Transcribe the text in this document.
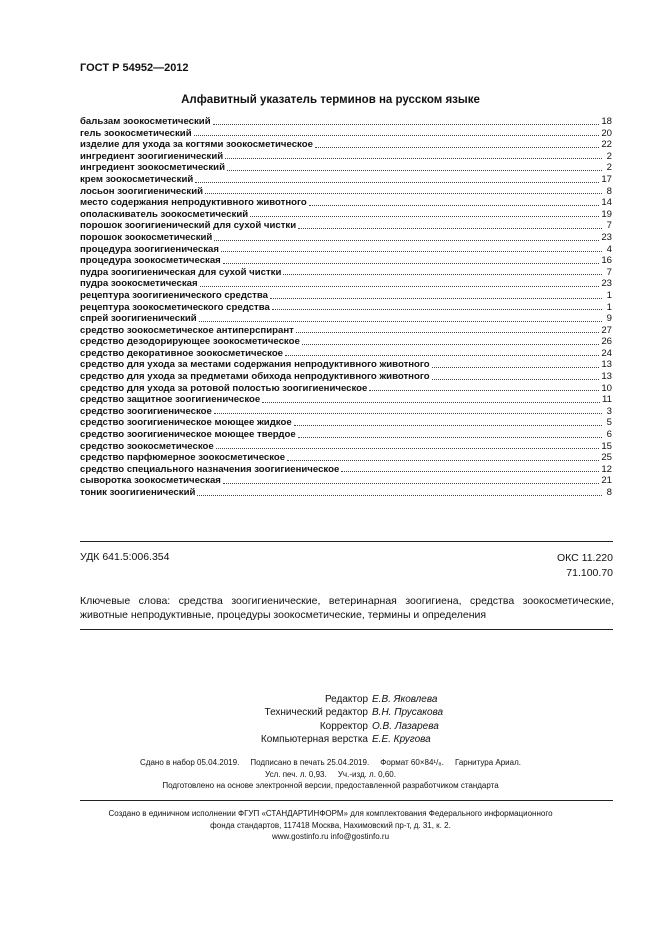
ГОСТ Р 54952—2012
Алфавитный указатель терминов на русском языке
бальзам зоокосметический	18
гель зоокосметический	20
изделие для ухода за когтями зоокосметическое	22
ингредиент зоогигиенический	2
ингредиент зоокосметический	2
крем зоокосметический	17
лосьон зоогигиенический	8
место содержания непродуктивного животного	14
ополаскиватель зоокосметический	19
порошок зоогигиенический для сухой чистки	7
порошок зоокосметический	23
процедура зоогигиеническая	4
процедура зоокосметическая	16
пудра зоогигиеническая для сухой чистки	7
пудра зоокосметическая	23
рецептура зоогигиенического средства	1
рецептура зоокосметического средства	1
спрей зоогигиенический	9
средство зоокосметическое антиперспирант	27
средство дезодорирующее зоокосметическое	26
средство декоративное зоокосметическое	24
средство для ухода за местами содержания непродуктивного животного	13
средство для ухода за предметами обихода непродуктивного животного	13
средство для ухода за ротовой полостью зоогигиеническое	10
средство защитное зоогигиеническое	11
средство зоогигиеническое	3
средство зоогигиеническое моющее жидкое	5
средство зоогигиеническое моющее твердое	6
средство зоокосметическое	15
средство парфюмерное зоокосметическое	25
средство специального назначения зоогигиеническое	12
сыворотка зоокосметическая	21
тоник зоогигиенический	8
УДК 641.5:006.354	ОКС 11.220
71.100.70
Ключевые слова: средства зоогигиенические, ветеринарная зоогигиена, средства зоокосметические, животные непродуктивные, процедуры зоокосметические, термины и определения
Редактор Е.В. Яковлева
Технический редактор В.Н. Прусакова
Корректор О.В. Лазарева
Компьютерная верстка Е.Е. Кругова
Сдано в набор 05.04.2019.     Подписано в печать 25.04.2019.     Формат 60×84¹/₈.     Гарнитура Ариал.
Усл. печ. л. 0,93.     Уч.-изд. л. 0,60.
Подготовлено на основе электронной версии, предоставленной разработчиком стандарта
Создано в единичном исполнении ФГУП «СТАНДАРТИНФОРМ» для комплектования Федерального информационного
фонда стандартов, 117418 Москва, Нахимовский пр-т, д. 31, к. 2.
www.gostinfo.ru info@gostinfo.ru
